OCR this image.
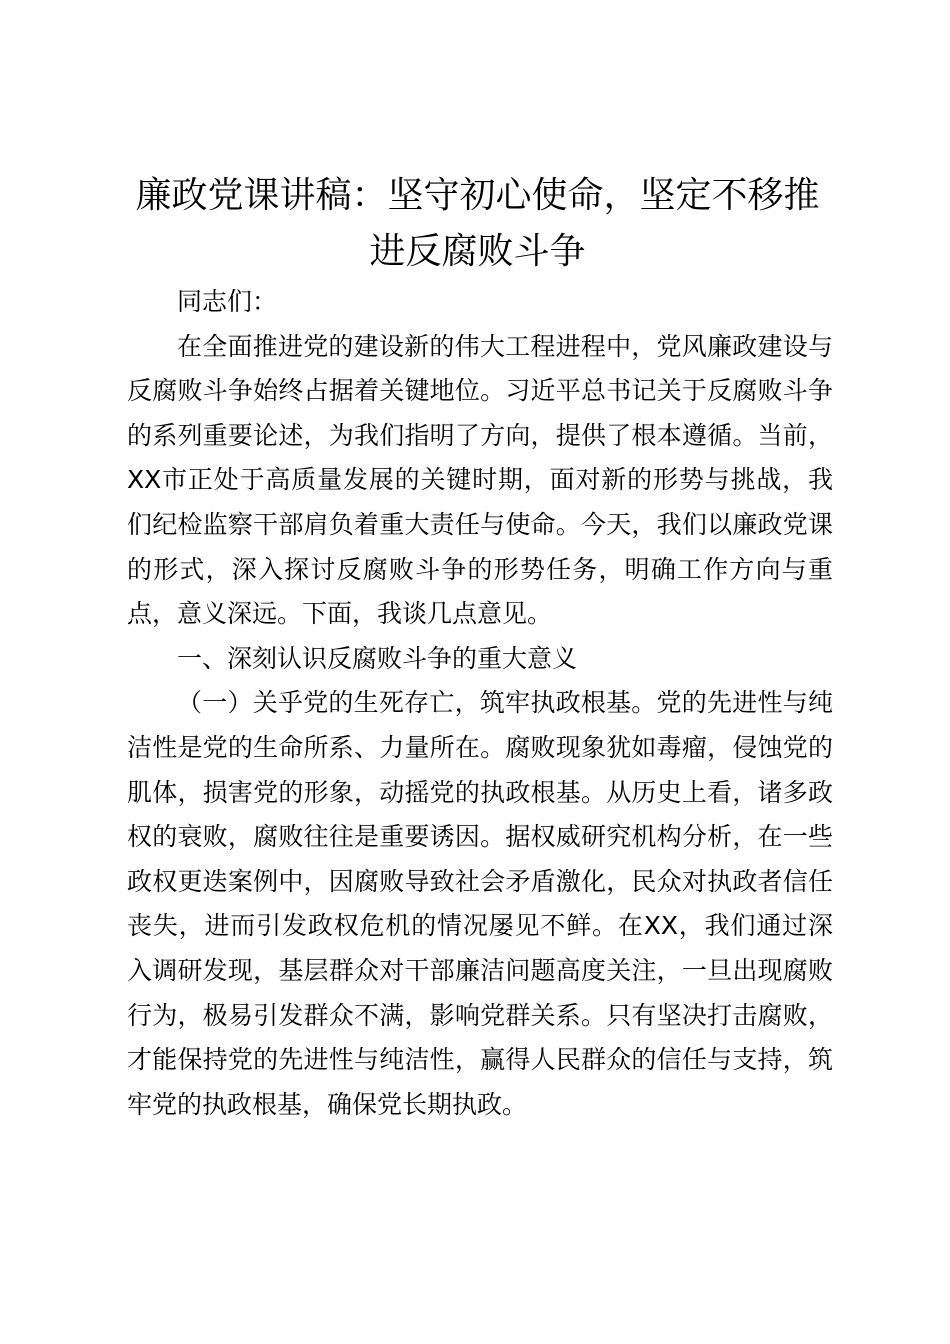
廉政党课讲稿：坚守初心使命，坚定不移推进反腐败斗争

同志们：

在全面推进党的建设新的伟大工程进程中，党风廉政建设与反腐败斗争始终占据着关键地位。习近平总书记关于反腐败斗争的系列重要论述，为我们指明了方向，提供了根本遵循。当前，XX市正处于高质量发展的关键时期，面对新的形势与挑战，我们纪检监察干部肩负着重大责任与使命。今天，我们以廉政党课的形式，深入探讨反腐败斗争的形势任务，明确工作方向与重点，意义深远。下面，我谈几点意见。

一、深刻认识反腐败斗争的重大意义

（一）关乎党的生死存亡，筑牢执政根基。党的先进性与纯洁性是党的生命所系、力量所在。腐败现象犹如毒瘤，侵蚀党的肌体，损害党的形象，动摇党的执政根基。从历史上看，诸多政权的衰败，腐败往往是重要诱因。据权威研究机构分析，在一些政权更迭案例中，因腐败导致社会矛盾激化，民众对执政者信任丧失，进而引发政权危机的情况屡见不鲜。在XX，我们通过深入调研发现，基层群众对干部廉洁问题高度关注，一旦出现腐败行为，极易引发群众不满，影响党群关系。只有坚决打击腐败，才能保持党的先进性与纯洁性，赢得人民群众的信任与支持，筑牢党的执政根基，确保党长期执政。
